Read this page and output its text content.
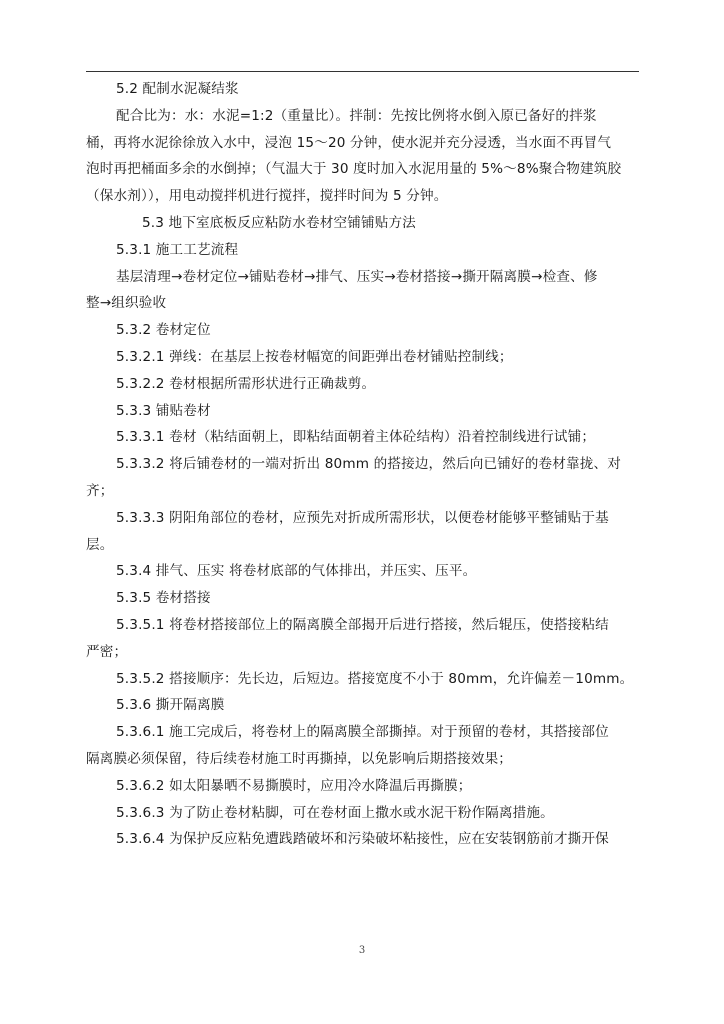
5.2 配制水泥凝结浆
配合比为：水：水泥=1:2（重量比）。拌制：先按比例将水倒入原已备好的拌浆
桶，再将水泥徐徐放入水中，浸泡 15～20 分钟，使水泥并充分浸透，当水面不再冒气
泡时再把桶面多余的水倒掉；（气温大于 30 度时加入水泥用量的 5%～8%聚合物建筑胶
（保水剂）），用电动搅拌机进行搅拌，搅拌时间为 5 分钟。
5.3 地下室底板反应粘防水卷材空铺铺贴方法
5.3.1 施工工艺流程
基层清理→卷材定位→铺贴卷材→排气、压实→卷材搭接→撕开隔离膜→检查、修
整→组织验收
5.3.2 卷材定位
5.3.2.1 弹线：在基层上按卷材幅宽的间距弹出卷材铺贴控制线；
5.3.2.2 卷材根据所需形状进行正确裁剪。
5.3.3 铺贴卷材
5.3.3.1 卷材（粘结面朝上，即粘结面朝着主体砼结构）沿着控制线进行试铺；
5.3.3.2 将后铺卷材的一端对折出 80mm 的搭接边，然后向已铺好的卷材靠拢、对
齐；
5.3.3.3 阴阳角部位的卷材，应预先对折成所需形状，以便卷材能够平整铺贴于基
层。
5.3.4 排气、压实 将卷材底部的气体排出，并压实、压平。
5.3.5 卷材搭接
5.3.5.1 将卷材搭接部位上的隔离膜全部揭开后进行搭接，然后辊压，使搭接粘结
严密；
5.3.5.2 搭接顺序：先长边，后短边。搭接宽度不小于 80mm，允许偏差－10mm。
5.3.6 撕开隔离膜
5.3.6.1 施工完成后，将卷材上的隔离膜全部撕掉。对于预留的卷材，其搭接部位
隔离膜必须保留，待后续卷材施工时再撕掉，以免影响后期搭接效果；
5.3.6.2 如太阳暴晒不易撕膜时，应用冷水降温后再撕膜；
5.3.6.3 为了防止卷材粘脚，可在卷材面上撒水或水泥干粉作隔离措施。
5.3.6.4 为保护反应粘免遭践踏破坏和污染破坏粘接性，应在安装钢筋前才撕开保
3
